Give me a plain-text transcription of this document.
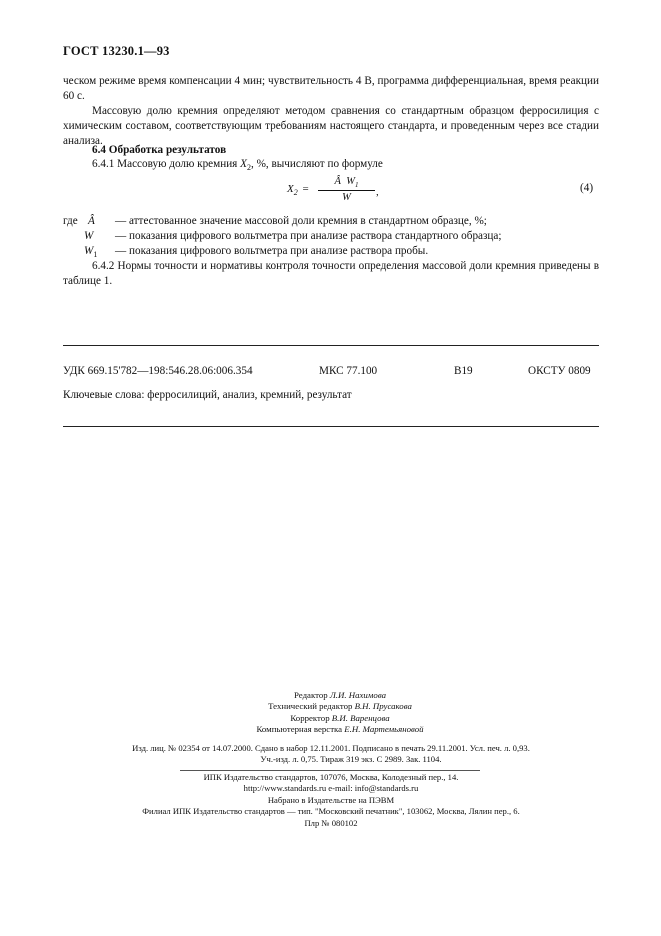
ГОСТ 13230.1—93
ческом режиме время компенсации 4 мин; чувствительность 4 В, программа дифференциальная, время реакции 60 с.
Массовую долю кремния определяют методом сравнения со стандартным образцом ферросилиция с химическим составом, соответствующим требованиям настоящего стандарта, и проведенным через все стадии анализа.
6.4 Обработка результатов
6.4.1 Массовую долю кремния $X_2$, %, вычисляют по формуле
$X_2 = \frac{Â W_1}{W}$ ,	(4)
где Â — аттестованное значение массовой доли кремния в стандартном образце, %;
W — показания цифрового вольтметра при анализе раствора стандартного образца;
$W_1$ — показания цифрового вольтметра при анализе раствора пробы.
6.4.2 Нормы точности и нормативы контроля точности определения массовой доли кремния приведены в таблице 1.
УДК 669.15'782—198:546.28.06:006.354	МКС 77.100	В19	ОКСТУ 0809
Ключевые слова: ферросилиций, анализ, кремний, результат
Редактор Л.И. Нахимова
Технический редактор В.Н. Прусакова
Корректор В.И. Варенцова
Компьютерная верстка Е.Н. Мартемьяновой
Изд. лиц. № 02354 от 14.07.2000. Сдано в набор 12.11.2001. Подписано в печать 29.11.2001. Усл. печ. л. 0,93.
Уч.-изд. л. 0,75. Тираж 319 экз. С 2989. Зак. 1104.
ИПК Издательство стандартов, 107076, Москва, Колодезный пер., 14.
http://www.standards.ru e-mail: info@standards.ru
Набрано в Издательстве на ПЭВМ
Филиал ИПК Издательство стандартов — тип. "Московский печатник", 103062, Москва, Лялин пер., 6.
Плр № 080102
